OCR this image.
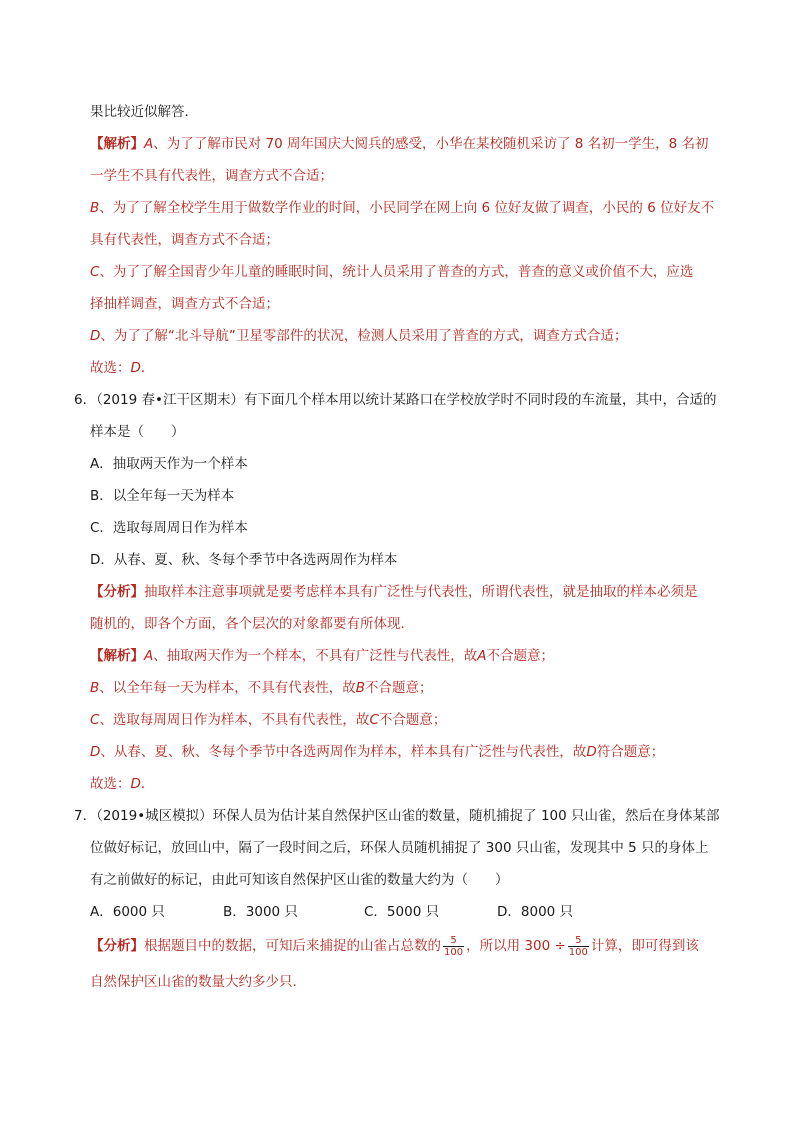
果比较近似解答．
【解析】A、为了了解市民对 70 周年国庆大阅兵的感受，小华在某校随机采访了 8 名初一学生，8 名初
一学生不具有代表性，调查方式不合适；
B、为了了解全校学生用于做数学作业的时间，小民同学在网上向 6 位好友做了调查，小民的 6 位好友不
具有代表性，调查方式不合适；
C、为了了解全国青少年儿童的睡眠时间，统计人员采用了普查的方式，普查的意义或价值不大，应选
择抽样调查，调查方式不合适；
D、为了了解“北斗导航”卫星零部件的状况，检测人员采用了普查的方式，调查方式合适；
故选：D．
6．（2019 春•江干区期末）有下面几个样本用以统计某路口在学校放学时不同时段的车流量，其中，合适的
样本是（　　）
A．抽取两天作为一个样本
B．以全年每一天为样本
C．选取每周周日作为样本
D．从春、夏、秋、冬每个季节中各选两周作为样本
【分析】抽取样本注意事项就是要考虑样本具有广泛性与代表性，所谓代表性，就是抽取的样本必须是
随机的，即各个方面，各个层次的对象都要有所体现．
【解析】A、抽取两天作为一个样本，不具有广泛性与代表性，故A不合题意；
B、以全年每一天为样本，不具有代表性，故B不合题意；
C、选取每周周日作为样本，不具有代表性，故C不合题意；
D、从春、夏、秋、冬每个季节中各选两周作为样本，样本具有广泛性与代表性，故D符合题意；
故选：D．
7．（2019•城区模拟）环保人员为估计某自然保护区山雀的数量，随机捕捉了 100 只山雀，然后在身体某部
位做好标记，放回山中，隔了一段时间之后，环保人员随机捕捉了 300 只山雀，发现其中 5 只的身体上
有之前做好的标记，由此可知该自然保护区山雀的数量大约为（　　）
A．6000 只	B．3000 只	C．5000 只	D．8000 只
【分析】根据题目中的数据，可知后来捕捉的山雀占总数的 $\frac{5}{100}$ ，所以用 $300 \div \frac{5}{100}$ 计算，即可得到该
自然保护区山雀的数量大约多少只．
